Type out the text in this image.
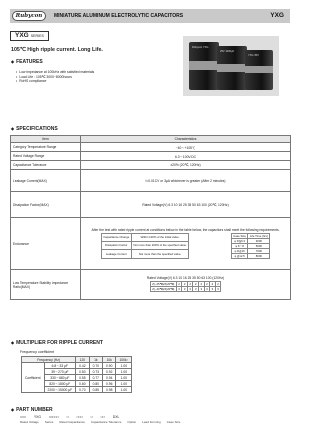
Rubycon	MINIATURE ALUMINUM ELECTROLYTIC CAPACITORS	YXG
YXG SERIES
105℃ High ripple current. Long Life.
◆ FEATURES
• Low impedance at 100kHz with satisfied materials
• Load Life : 105℃ 3000~8000hours
• RoHS compliance
Rubycon YXG
25V 1000μF
YXG 35V
◆ SPECIFICATIONS
Item	Characteristics
Category Temperature Range	−40～+105℃
Rated Voltage Range	6.3～100V.DC
Capacitance Tolerance	±20% (20℃, 120Hz)
Leakage Current(MAX)	I=0.01CV or 3μA whichever is greater (After 2 minutes)
Dissipation Factor(MAX)	Rated Voltage(V) 6.3 10 16 25 35 50 63 100 (20℃, 120Hz)
Endurance	
After the test with rated ripple current at conditions below in the table below, the capacitors shall meet the following requirements.
Capacitance Change	Within ±20% of the initial value.
Dissipation Factor	Not more than 200% of the specified value.
Leakage Current	Not more than the specified value.
Case Size	Life Time (hrs)
φ D≦6.3	3000
φ 8～8	5000
φ D≧10	7000
φ ≧12.5	8000

Low Temperature Stability Impedance Ratio(MAX)	
Rated Voltage(V) 6.3 10 16 25 35 50 63 100 (120Hz)
Z(−25℃)/Z(20℃)	2	2	2	2	2	2	2	2
Z(−40℃)/Z(20℃)	3	3	3	3	3	3	3	3
◆ MULTIPLIER FOR RIPPLE CURRENT
Frequency coefficient
Frequency (Hz)		120	1k	10k	100k↑
Coefficient	6.8～33 μF	0.42	0.70	0.90	1.00
	39～270 μF	0.50	0.73	0.92	1.00
	330～680 μF	0.55	0.77	0.94	1.00
	820～1800 μF	0.60	0.80	0.96	1.00
	2200～15000 μF	0.70	0.85	0.98	1.00
◆ PART NUMBER
□□□ YXG □□□□□ □ □□□ □ □□ DXL
Rated Voltage Series Rated Capacitance Capacitance Tolerance Option Lead Forming Case Size
